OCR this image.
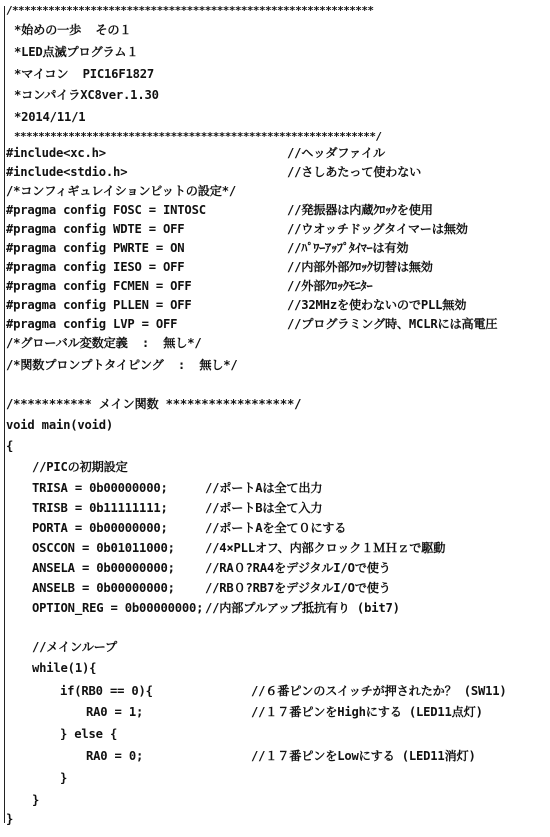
/************************************************************
*始めの一歩  その１
*LED点滅プログラム１
*マイコン  PIC16F1827
*コンパイラXC8ver.1.30
*2014/11/1
************************************************************/
#include<xc.h>	//ヘッダファイル
#include<stdio.h>	//さしあたって使わない
/*コンフィギュレイションビットの設定*/
#pragma config FOSC = INTOSC	//発振器は内蔵ｸﾛｯｸを使用
#pragma config WDTE = OFF	//ウオッチドッグタイマーは無効
#pragma config PWRTE = ON	//ﾊﾟﾜｰｱｯﾌﾟﾀｲﾏｰは有効
#pragma config IESO = OFF	//内部外部ｸﾛｯｸ切替は無効
#pragma config FCMEN = OFF	//外部ｸﾛｯｸﾓﾆﾀｰ
#pragma config PLLEN = OFF	//32MHzを使わないのでPLL無効
#pragma config LVP = OFF	//プログラミング時、MCLRには高電圧
/*グローバル変数定義  :  無し*/
/*関数プロンプトタイピング  :  無し*/
/*********** メイン関数 ******************/
void main(void)
{
//PICの初期設定
TRISA = 0b00000000;	//ポートAは全て出力
TRISB = 0b11111111;	//ポートBは全て入力
PORTA = 0b00000000;	//ポートAを全て０にする
OSCCON = 0b01011000; //4×PLLオフ、内部クロック１ＭＨｚで駆動
ANSELA = 0b00000000; //RA０?RA4をデジタルI/Oで使う
ANSELB = 0b00000000; //RB０?RB7をデジタルI/Oで使う
OPTION_REG = 0b00000000; //内部プルアップ抵抗有り (bit7)
//メインループ
while(1){
if(RB0 == 0){	//６番ピンのスイッチが押されたか？ (SW11)
RA0 = 1;	//１７番ピンをHighにする (LED11点灯)
} else {
RA0 = 0;	//１７番ピンをLowにする (LED11消灯)
}
}
}
